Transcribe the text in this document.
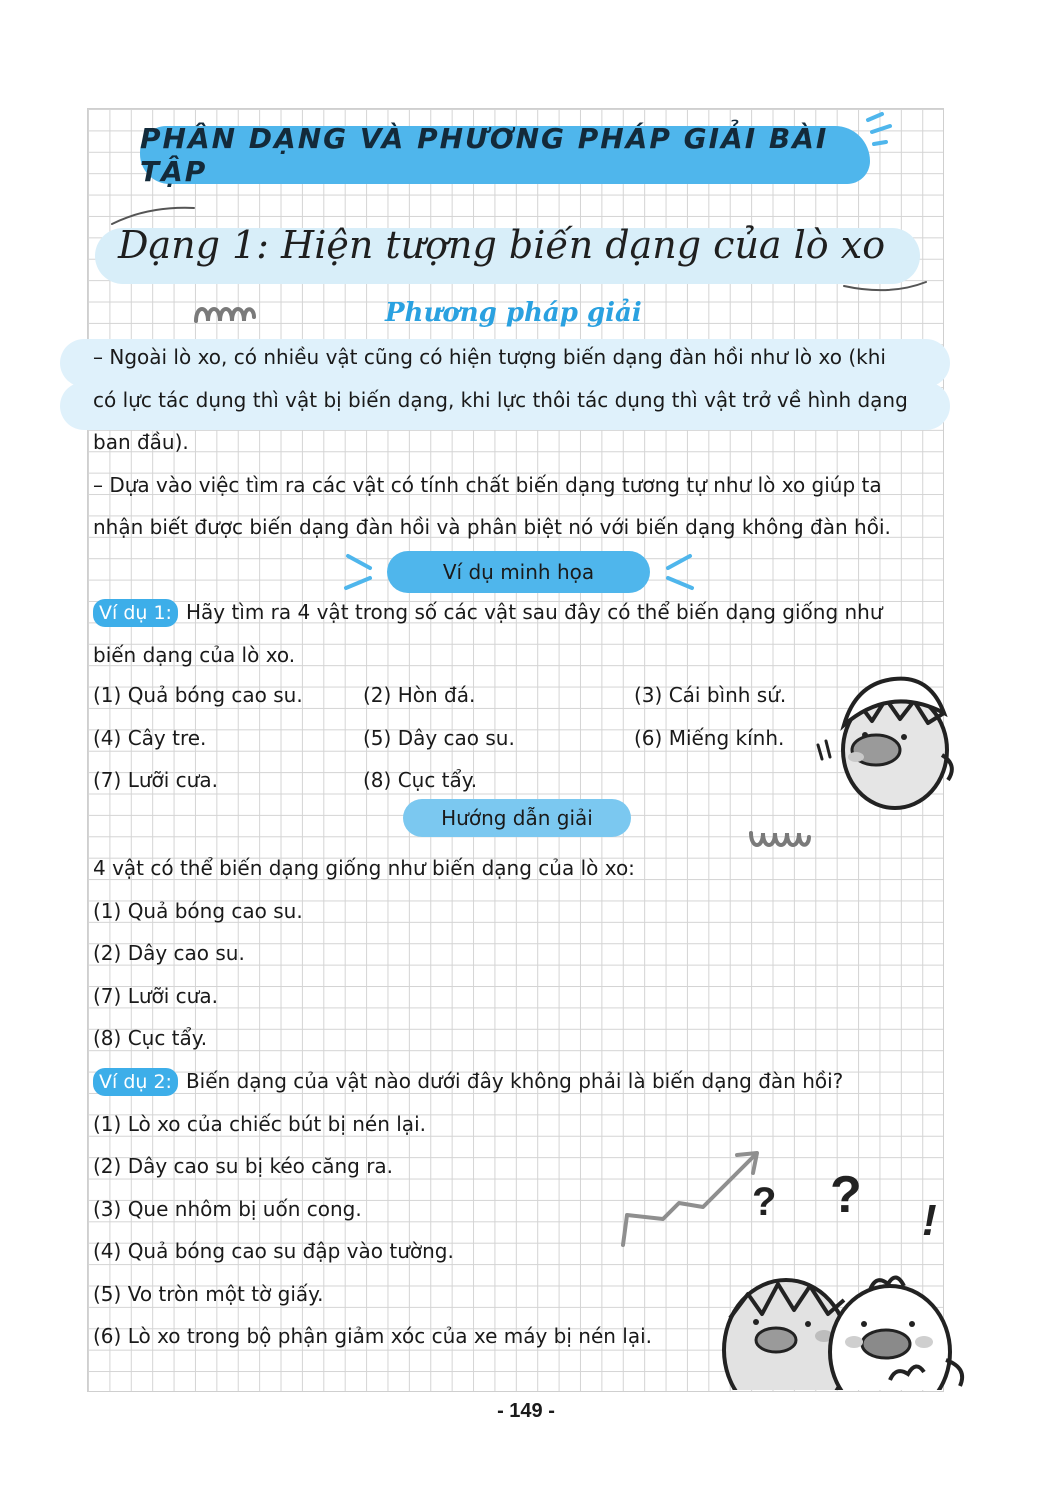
PHÂN DẠNG VÀ PHƯƠNG PHÁP GIẢI BÀI TẬP
Dạng 1: Hiện tượng biến dạng của lò xo
Phương pháp giải
– Ngoài lò xo, có nhiều vật cũng có hiện tượng biến dạng đàn hồi như lò xo (khi
có lực tác dụng thì vật bị biến dạng, khi lực thôi tác dụng thì vật trở về hình dạng
ban đầu).
– Dựa vào việc tìm ra các vật có tính chất biến dạng tương tự như lò xo giúp ta
nhận biết được biến dạng đàn hồi và phân biệt nó với biến dạng không đàn hồi.
Ví dụ minh họa
Ví dụ 1: Hãy tìm ra 4 vật trong số các vật sau đây có thể biến dạng giống như
biến dạng của lò xo.
(1) Quả bóng cao su.	(2) Hòn đá.	(3) Cái bình sứ.
(4) Cây tre.	(5) Dây cao su.	(6) Miếng kính.
(7) Lưỡi cưa.	(8) Cục tẩy.
Hướng dẫn giải
4 vật có thể biến dạng giống như biến dạng của lò xo:
(1) Quả bóng cao su.
(2) Dây cao su.
(7) Lưỡi cưa.
(8) Cục tẩy.
Ví dụ 2: Biến dạng của vật nào dưới đây không phải là biến dạng đàn hồi?
(1) Lò xo của chiếc bút bị nén lại.
(2) Dây cao su bị kéo căng ra.
(3) Que nhôm bị uốn cong.
(4) Quả bóng cao su đập vào tường.
(5) Vo tròn một tờ giấy.
(6) Lò xo trong bộ phận giảm xóc của xe máy bị nén lại.
? ? !
- 149 -
